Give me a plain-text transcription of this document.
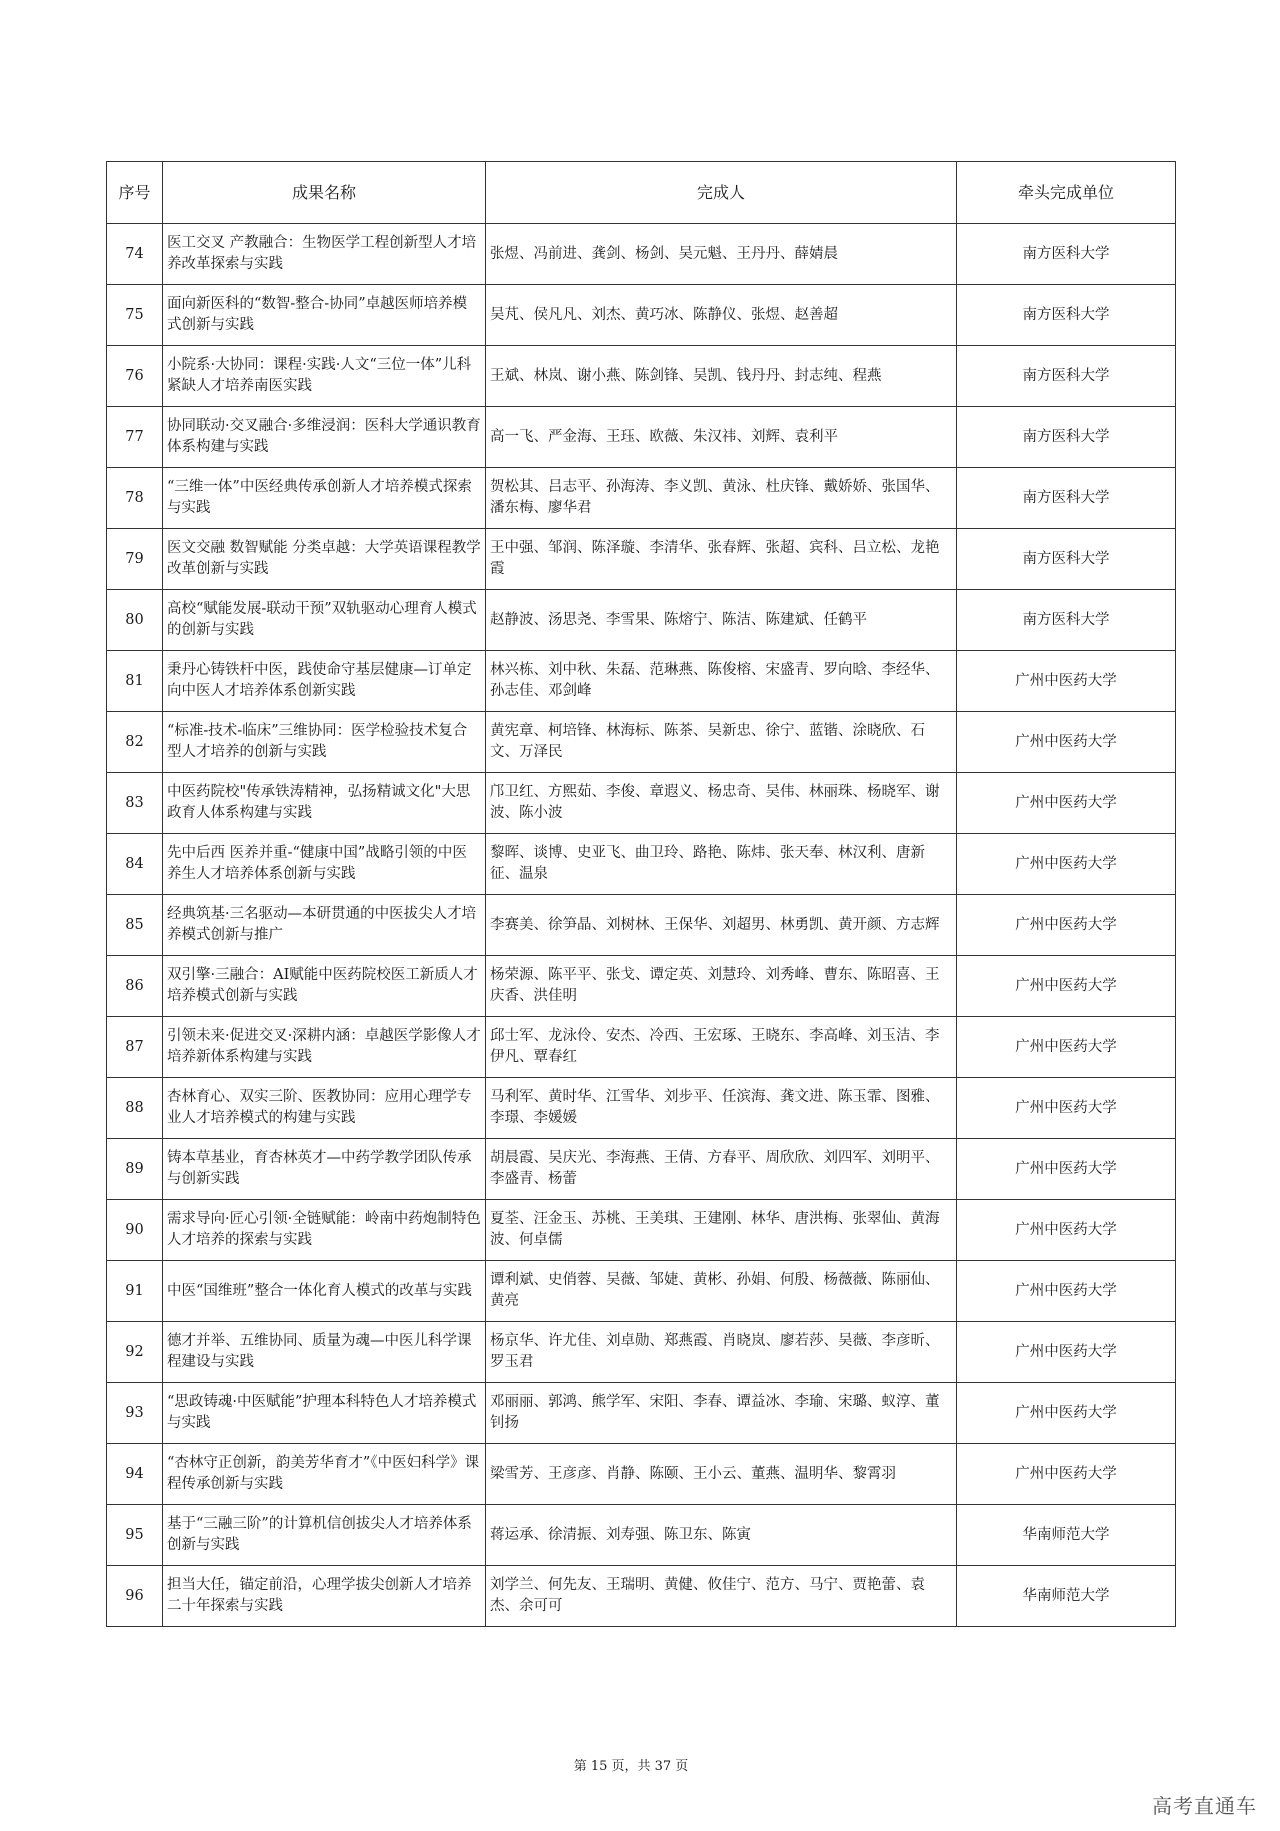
序号	成果名称	完成人	牵头完成单位
74	医工交叉 产教融合：生物医学工程创新型人才培养改革探索与实践	张煜、冯前进、龚剑、杨剑、吴元魁、王丹丹、薛婧晨	南方医科大学
75	面向新医科的“数智-整合-协同”卓越医师培养模式创新与实践	吴芃、侯凡凡、刘杰、黄巧冰、陈静仪、张煜、赵善超	南方医科大学
76	小院系·大协同：课程·实践·人文“三位一体”儿科紧缺人才培养南医实践	王斌、林岚、谢小燕、陈剑锋、吴凯、钱丹丹、封志纯、程燕	南方医科大学
77	协同联动·交叉融合·多维浸润：医科大学通识教育体系构建与实践	高一飞、严金海、王珏、欧薇、朱汉祎、刘辉、袁利平	南方医科大学
78	“三维一体”中医经典传承创新人才培养模式探索与实践	贺松其、吕志平、孙海涛、李义凯、黄泳、杜庆锋、戴娇娇、张国华、潘东梅、廖华君	南方医科大学
79	医文交融 数智赋能 分类卓越：大学英语课程教学改革创新与实践	王中强、邹润、陈泽璇、李清华、张春辉、张超、宾科、吕立松、龙艳霞	南方医科大学
80	高校“赋能发展-联动干预”双轨驱动心理育人模式的创新与实践	赵静波、汤思尧、李雪果、陈熔宁、陈洁、陈建斌、任鹤平	南方医科大学
81	秉丹心铸铁杆中医，践使命守基层健康—订单定向中医人才培养体系创新实践	林兴栋、刘中秋、朱磊、范琳燕、陈俊榕、宋盛青、罗向晗、李经华、孙志佳、邓剑峰	广州中医药大学
82	“标准-技术-临床”三维协同：医学检验技术复合型人才培养的创新与实践	黄宪章、柯培锋、林海标、陈茶、吴新忠、徐宁、蓝锴、涂晓欣、石文、万泽民	广州中医药大学
83	中医药院校"传承铁涛精神，弘扬精诚文化"大思政育人体系构建与实践	邝卫红、方熙茹、李俊、章遐义、杨忠奇、吴伟、林丽珠、杨晓军、谢波、陈小波	广州中医药大学
84	先中后西 医养并重-“健康中国”战略引领的中医养生人才培养体系创新与实践	黎晖、谈博、史亚飞、曲卫玲、路艳、陈炜、张天奉、林汉利、唐新征、温泉	广州中医药大学
85	经典筑基·三名驱动—本研贯通的中医拔尖人才培养模式创新与推广	李赛美、徐笋晶、刘树林、王保华、刘超男、林勇凯、黄开颜、方志辉	广州中医药大学
86	双引擎·三融合：AI赋能中医药院校医工新质人才培养模式创新与实践	杨荣源、陈平平、张戈、谭定英、刘慧玲、刘秀峰、曹东、陈昭喜、王庆香、洪佳明	广州中医药大学
87	引领未来·促进交叉·深耕内涵：卓越医学影像人才培养新体系构建与实践	邱士军、龙泳伶、安杰、冷西、王宏琢、王晓东、李高峰、刘玉洁、李伊凡、覃春红	广州中医药大学
88	杏林育心、双实三阶、医教协同：应用心理学专业人才培养模式的构建与实践	马利军、黄时华、江雪华、刘步平、任滨海、龚文进、陈玉霏、图雅、李璟、李媛媛	广州中医药大学
89	铸本草基业，育杏林英才—中药学教学团队传承与创新实践	胡晨霞、吴庆光、李海燕、王倩、方春平、周欣欣、刘四军、刘明平、李盛青、杨蕾	广州中医药大学
90	需求导向·匠心引领·全链赋能：岭南中药炮制特色人才培养的探索与实践	夏荃、汪金玉、苏桃、王美琪、王建刚、林华、唐洪梅、张翠仙、黄海波、何卓儒	广州中医药大学
91	中医“国维班”整合一体化育人模式的改革与实践	谭利斌、史俏蓉、吴薇、邹婕、黄彬、孙娟、何殷、杨薇薇、陈丽仙、黄亮	广州中医药大学
92	德才并举、五维协同、质量为魂—中医儿科学课程建设与实践	杨京华、许尤佳、刘卓勋、郑燕霞、肖晓岚、廖若莎、吴薇、李彦昕、罗玉君	广州中医药大学
93	“思政铸魂·中医赋能”护理本科特色人才培养模式与实践	邓丽丽、郭鸿、熊学军、宋阳、李春、谭益冰、李瑜、宋璐、蚁淳、董钊扬	广州中医药大学
94	“杏林守正创新，韵美芳华育才”《中医妇科学》课程传承创新与实践	梁雪芳、王彦彦、肖静、陈颐、王小云、董燕、温明华、黎霄羽	广州中医药大学
95	基于“三融三阶”的计算机信创拔尖人才培养体系创新与实践	蒋运承、徐清振、刘寿强、陈卫东、陈寅	华南师范大学
96	担当大任，锚定前沿，心理学拔尖创新人才培养二十年探索与实践	刘学兰、何先友、王瑞明、黄健、攸佳宁、范方、马宁、贾艳蕾、袁杰、余可可	华南师范大学
第 15 页，共 37 页
高考直通车
